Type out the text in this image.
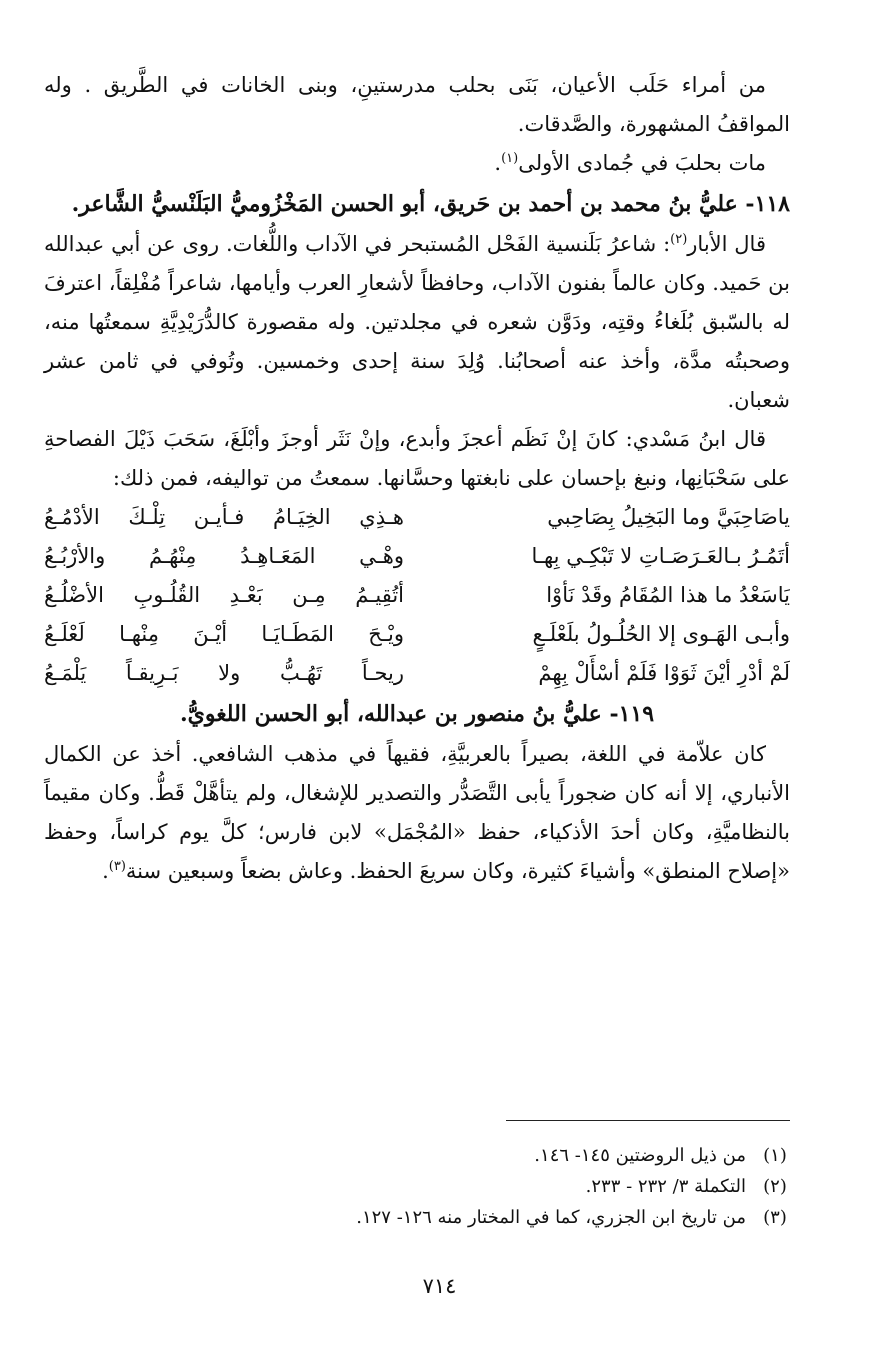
من أمراء حَلَب الأعيان، بَنَى بحلب مدرستينِ، وبنى الخانات في الطَّريق . وله المواقفُ المشهورة، والصَّدقات.

مات بحلبَ في جُمادى الأولى$^{(١)}$.

١١٨- عليُّ بنُ محمد بن أحمد بن حَريق، أبو الحسن المَخْزُوميُّ البَلَنْسيُّ الشَّاعر.

قال الأبار$^{(٢)}$: شاعرُ بَلَنسية الفَحْل المُستبحر في الآداب واللُّغات. روى عن أبي عبدالله بن حَميد. وكان عالماً بفنون الآداب، وحافظاً لأشعارِ العرب وأيامها، شاعراً مُفْلِقاً، اعترفَ له بالسّبق بُلَغاءُ وقتِه، ودَوَّن شعره في مجلدتين. وله مقصورة كالدُّرَيْدِيَّةِ سمعتُها منه، وصحبتُه مدَّة، وأخذ عنه أصحابُنا. وُلِدَ سنة إحدى وخمسين. وتُوفي في ثامن عشر شعبان.

قال ابنُ مَسْدي: كانَ إنْ نَظَم أعجزَ وأبدع، وإنْ نَثَر أوجزَ وأبْلَغَ، سَحَبَ ذَيْلَ الفصاحةِ على سَحْبَانِها، ونبغ بإحسان على نابغتها وحسَّانها. سمعتُ من تواليفه، فمن ذلك:

ياصَاحِبَيَّ وما البَخِيلُ بِصَاحِبي
هـذِي الخِيَـامُ فـأيـن تِلْـكَ الأدْمُـعُ
أتَمُـرُ بـالعَـرَصَـاتِ لا تَبْكِـي بِهـا
وهْـي المَعَـاهِـدُ مِنْهُـمُ والأرْبُـعُ
يَاسَعْدُ ما هذا المُقَامُ وقَدْ نَأوْا
أتُقِيـمُ مِـن بَعْـدِ القُلُـوبِ الأضْلُـعُ
وأبـى الهَـوى إلا الحُلُـولُ بلَعْلَـعٍ
ويْـحَ المَطَـايَـا أيْـنَ مِنْهـا لَعْلَـعُ
لَمْ أدْرِ أيْنَ ثَوَوْا فَلَمْ أسْأَلْ بِهِمْ
ريحـاً تَهُـبُّ ولا بَـرِيقـاً يَلْمَـعُ

١١٩- عليُّ بنُ منصور بن عبدالله، أبو الحسن اللغويُّ.

كان علاّمة في اللغة، بصيراً بالعربيَّةِ، فقيهاً في مذهب الشافعي. أخذ عن الكمال الأنباري، إلا أنه كان ضجوراً يأبى التَّصَدُّر والتصدير للإشغال، ولم يتأهَّلْ قَطُّ. وكان مقيماً بالنظاميَّةِ، وكان أحدَ الأذكياء، حفظ «المُجْمَل» لابن فارس؛ كلَّ يوم كراساً، وحفظ «إصلاح المنطق» وأشياءَ كثيرة، وكان سريعَ الحفظ. وعاش بضعاً وسبعين سنة$^{(٣)}$.

(١)
من ذيل الروضتين ١٤٥- ١٤٦.
(٢)
التكملة ٣/ ٢٣٢ - ٢٣٣.
(٣)
من تاريخ ابن الجزري، كما في المختار منه ١٢٦- ١٢٧.
٧١٤
